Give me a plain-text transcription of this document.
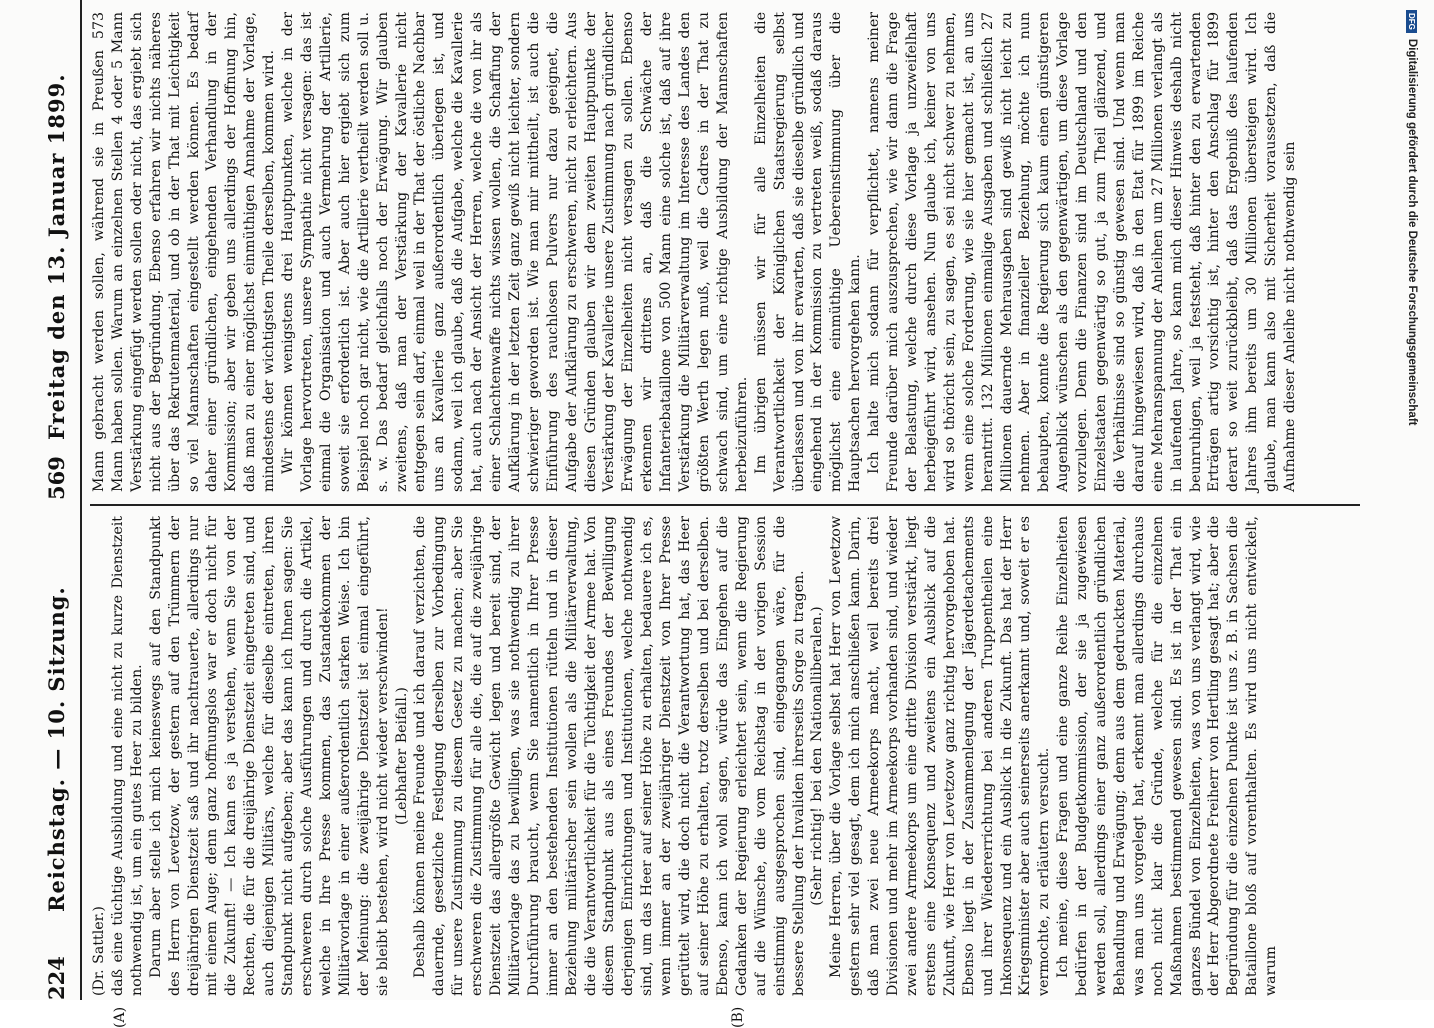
224
Reichstag. — 10. Sitzung.
569
Freitag den 13. Januar 1899.
(A)	(B)

(Dr. Sattler.) daß eine tüchtige Ausbildung und eine nicht zu kurze Dienstzeit nothwendig ist, um ein gutes Heer zu bilden. Darum aber stelle ich mich keineswegs auf den Standpunkt des Herrn von Levetzow, der gestern auf den Trümmern der dreijährigen Dienstzeit saß und ihr nachtrauerte, allerdings nur mit einem Auge; denn ganz hoffnungslos war er doch nicht für die Zukunft! — Ich kann es ja verstehen, wenn Sie von der Rechten, die für die dreijährige Dienstzeit eingetreten sind, und auch diejenigen Militärs, welche für dieselbe eintreten, ihren Standpunkt nicht aufgeben; aber das kann ich Ihnen sagen: Sie erschweren durch solche Ausführungen und durch die Artikel, welche in Ihre Presse kommen, das Zustandekommen der Militärvorlage in einer außerordentlich starken Weise. Ich bin der Meinung: die zweijährige Dienstzeit ist einmal eingeführt, sie bleibt bestehen, wird nicht wieder verschwinden! (Lebhafter Beifall.) Deshalb können meine Freunde und ich darauf verzichten, die dauernde, gesetzliche Festlegung derselben zur Vorbedingung für unsere Zustimmung zu diesem Gesetz zu machen; aber Sie erschweren die Zustimmung für alle die, die auf die zweijährige Dienstzeit das allergrößte Gewicht legen und bereit sind, der Militärvorlage das zu bewilligen, was sie nothwendig zu ihrer Durchführung braucht, wenn Sie namentlich in Ihrer Presse immer an den bestehenden Institutionen rütteln und in dieser Beziehung militärischer sein wollen als die Militärverwaltung, die die Verantwortlichkeit für die Tüchtigkeit der Armee hat. Von diesem Standpunkt aus als eines Freundes der Bewilligung derjenigen Einrichtungen und Institutionen, welche nothwendig sind, um das Heer auf seiner Höhe zu erhalten, bedauere ich es, wenn immer an der zweijähriger Dienstzeit von Ihrer Presse gerüttelt wird, die doch nicht die Verantwortung hat, das Heer auf seiner Höhe zu erhalten, trotz derselben und bei derselben. Ebenso, kann ich wohl sagen, würde das Eingehen auf die Gedanken der Regierung erleichtert sein, wenn die Regierung auf die Wünsche, die vom Reichstag in der vorigen Session einstimmig ausgesprochen sind, eingegangen wäre, für die bessere Stellung der Invaliden ihrerseits Sorge zu tragen. (Sehr richtig! bei den Nationalliberalen.) Meine Herren, über die Vorlage selbst hat Herr von Levetzow gestern sehr viel gesagt, dem ich mich anschließen kann. Darin, daß man zwei neue Armeekorps macht, weil bereits drei Divisionen und mehr im Armeekorps vorhanden sind, und wieder zwei andere Armeekorps um eine dritte Division verstärkt, liegt erstens eine Konsequenz und zweitens ein Ausblick auf die Zukunft, wie Herr von Levetzow ganz richtig hervorgehoben hat. Ebenso liegt in der Zusammenlegung der Jägerdetachements und ihrer Wiedererrichtung bei anderen Truppentheilen eine Inkonsequenz und ein Ausblick in die Zukunft. Das hat der Herr Kriegsminister aber auch seinerseits anerkannt und, soweit er es vermochte, zu erläutern versucht. Ich meine, diese Fragen und eine ganze Reihe Einzelheiten bedürfen in der Budgetkommission, der sie ja zugewiesen werden soll, allerdings einer ganz außerordentlich gründlichen Behandlung und Erwägung; denn aus dem gedruckten Material, was man uns vorgelegt hat, erkennt man allerdings durchaus noch nicht klar die Gründe, welche für die einzelnen Maßnahmen bestimmend gewesen sind. Es ist in der That ein ganzes Bündel von Einzelheiten, was von uns verlangt wird, wie der Herr Abgeordnete Freiherr von Hertling gesagt hat; aber die Begründung für die einzelnen Punkte ist uns z. B. in Sachsen die Bataillone bloß auf vorenthalten. Es wird uns nicht entwickelt, warum

Mann gebracht werden sollen, während sie in Preußen 573 Mann haben sollen. Warum an einzelnen Stellen 4 oder 5 Mann Verstärkung eingefügt werden sollen oder nicht, das ergiebt sich nicht aus der Begründung. Ebenso erfahren wir nichts näheres über das Rekrutenmaterial, und ob in der That mit Leichtigkeit so viel Mannschaften eingestellt werden können. Es bedarf daher einer gründlichen, eingehenden Verhandlung in der Kommission; aber wir geben uns allerdings der Hoffnung hin, daß man zu einer möglichst einmüthigen Annahme der Vorlage, mindestens der wichtigsten Theile derselben, kommen wird. Wir können wenigstens drei Hauptpunkten, welche in der Vorlage hervortreten, unsere Sympathie nicht versagen: das ist einmal die Organisation und auch Vermehrung der Artillerie, soweit sie erforderlich ist. Aber auch hier ergiebt sich zum Beispiel noch gar nicht, wie die Artillerie vertheilt werden soll u. s. w. Das bedarf gleichfalls noch der Erwägung. Wir glauben zweitens, daß man der Verstärkung der Kavallerie nicht entgegen sein darf, einmal weil in der That der östliche Nachbar uns an Kavallerie ganz außerordentlich überlegen ist, und sodann, weil ich glaube, daß die Aufgabe, welche die Kavallerie hat, auch nach der Ansicht der Herren, welche die von ihr als einer Schlachtenwaffe nichts wissen wollen, die Schaffung der Aufklärung in der letzten Zeit ganz gewiß nicht leichter, sondern schwieriger geworden ist. Wie man mir mittheilt, ist auch die Einführung des rauchlosen Pulvers nur dazu geeignet, die Aufgabe der Aufklärung zu erschweren, nicht zu erleichtern. Aus diesen Gründen glauben wir dem zweiten Hauptpunkte der Verstärkung der Kavallerie unsere Zustimmung nach gründlicher Erwägung der Einzelheiten nicht versagen zu sollen. Ebenso erkennen wir drittens an, daß die Schwäche der Infanteriebataillone von 500 Mann eine solche ist, daß auf ihre Verstärkung die Militärverwaltung im Interesse des Landes den größten Werth legen muß, weil die Cadres in der That zu schwach sind, um eine richtige Ausbildung der Mannschaften herbeizuführen. Im übrigen müssen wir für alle Einzelheiten die Verantwortlichkeit der Königlichen Staatsregierung selbst überlassen und von ihr erwarten, daß sie dieselbe gründlich und eingehend in der Kommission zu vertreten weiß, sodaß daraus möglichst eine einmüthige Uebereinstimmung über die Hauptsachen hervorgehen kann. Ich halte mich sodann für verpflichtet, namens meiner Freunde darüber mich auszusprechen, wie wir dann die Frage der Belastung, welche durch diese Vorlage ja unzweifelhaft herbeigeführt wird, ansehen. Nun glaube ich, keiner von uns wird so thöricht sein, zu sagen, es sei nicht schwer zu nehmen, wenn eine solche Forderung, wie sie hier gemacht ist, an uns herantritt. 132 Millionen einmalige Ausgaben und schließlich 27 Millionen dauernde Mehrausgaben sind gewiß nicht leicht zu nehmen. Aber in finanzieller Beziehung, möchte ich nun behaupten, konnte die Regierung sich kaum einen günstigeren Augenblick wünschen als den gegenwärtigen, um diese Vorlage vorzulegen. Denn die Finanzen sind im Deutschland und den Einzelstaaten gegenwärtig so gut, ja zum Theil glänzend, und die Verhältnisse sind so günstig gewesen sind. Und wenn man darauf hingewiesen wird, daß in den Etat für 1899 im Reiche eine Mehranspannung der Anleihen um 27 Millionen verlangt als in laufenden Jahre, so kann mich dieser Hinweis deshalb nicht beunruhigen, weil ja feststeht, daß hinter den zu erwartenden Erträgen artig vorsichtig ist, hinter den Anschlag für 1899 derart so weit zurückbleibt, daß das Ergebniß des laufenden Jahres ihm bereits um 30 Millionen übersteigen wird. Ich glaube, man kann also mit Sicherheit voraussetzen, daß die Aufnahme dieser Anleihe nicht nothwendig sein

DFGDigitalisierung gefördert durch die Deutsche Forschungsgemeinschaft
